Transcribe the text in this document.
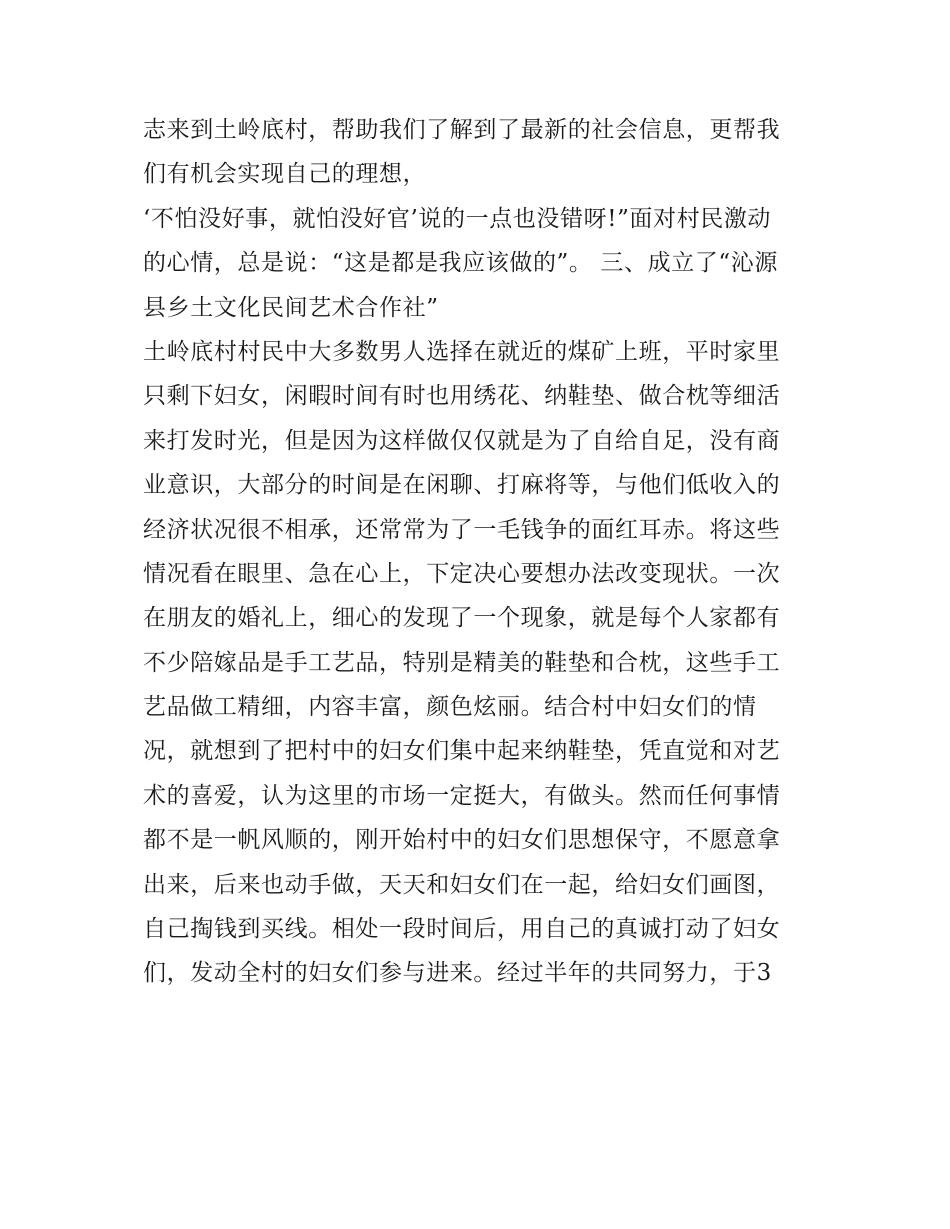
志来到土岭底村，帮助我们了解到了最新的社会信息，更帮我
们有机会实现自己的理想，
‘不怕没好事，就怕没好官’说的一点也没错呀!”面对村民激动
的心情，总是说：“这是都是我应该做的”。 三、成立了“沁源
县乡土文化民间艺术合作社”
土岭底村村民中大多数男人选择在就近的煤矿上班，平时家里
只剩下妇女，闲暇时间有时也用绣花、纳鞋垫、做合枕等细活
来打发时光，但是因为这样做仅仅就是为了自给自足，没有商
业意识，大部分的时间是在闲聊、打麻将等，与他们低收入的
经济状况很不相承，还常常为了一毛钱争的面红耳赤。将这些
情况看在眼里、急在心上，下定决心要想办法改变现状。一次
在朋友的婚礼上，细心的发现了一个现象，就是每个人家都有
不少陪嫁品是手工艺品，特别是精美的鞋垫和合枕，这些手工
艺品做工精细，内容丰富，颜色炫丽。结合村中妇女们的情
况，就想到了把村中的妇女们集中起来纳鞋垫，凭直觉和对艺
术的喜爱，认为这里的市场一定挺大，有做头。然而任何事情
都不是一帆风顺的，刚开始村中的妇女们思想保守，不愿意拿
出来，后来也动手做，天天和妇女们在一起，给妇女们画图，
自己掏钱到买线。相处一段时间后，用自己的真诚打动了妇女
们，发动全村的妇女们参与进来。经过半年的共同努力，于3
